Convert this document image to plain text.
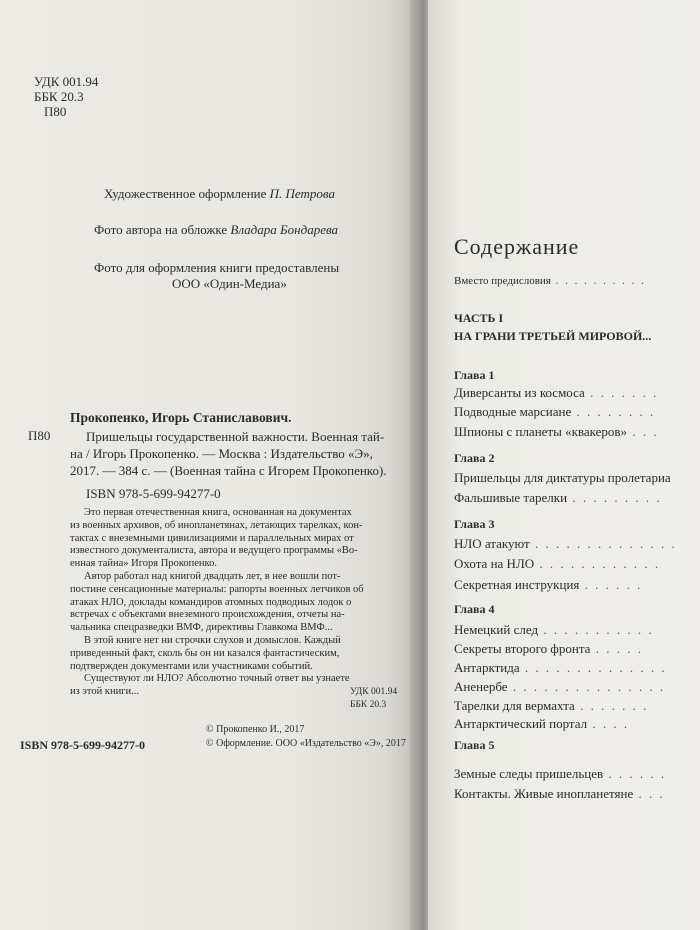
УДК 001.94
ББК 20.3
П80
Художественное оформление П. Петрова
Фото автора на обложке Владара Бондарева
Фото для оформления книги предоставлены
ООО «Один-Медиа»
Прокопенко, Игорь Станиславович.
П80	Пришельцы государственной важности. Военная тай-
на / Игорь Прокопенко. — Москва : Издательство «Э»,
2017. — 384 с. — (Военная тайна с Игорем Прокопенко).
ISBN 978-5-699-94277-0
Это первая отечественная книга, основанная на документах
из военных архивов, об инопланетянах, летающих тарелках, кон-
тактах с внеземными цивилизациями и параллельных мирах от
известного документалиста, автора и ведущего программы «Во-
енная тайна» Игоря Прокопенко.
Автор работал над книгой двадцать лет, в нее вошли пот-
постине сенсационные материалы: рапорты военных летчиков об
атаках НЛО, доклады командиров атомных подводных лодок о
встречах с объектами внеземного происхождения, отчеты на-
чальника спецразведки ВМФ, директивы Главкома ВМФ...
В этой книге нет ни строчки слухов и домыслов. Каждый
приведенный факт, сколь бы он ни казался фантастическим,
подтвержден документами или участниками событий.
Существуют ли НЛО? Абсолютно точный ответ вы узнаете
из этой книги...	УДК 001.94
ББК 20.3
© Прокопенко И., 2017
© Оформление. ООО «Издательство «Э», 2017
ISBN 978-5-699-94277-0
Содержание
Вместо предисловия . . . . . . . . . .
ЧАСТЬ I
НА ГРАНИ ТРЕТЬЕЙ МИРОВОЙ...
Глава 1
Диверсанты из космоса . . . . . . .
Подводные марсиане . . . . . . . .
Шпионы с планеты «квакеров» . . .
Глава 2
Пришельцы для диктатуры пролетариа
Фальшивые тарелки . . . . . . . . .
Глава 3
НЛО атакуют . . . . . . . . . . . . . .
Охота на НЛО . . . . . . . . . . . .
Секретная инструкция . . . . . .
Глава 4
Немецкий след . . . . . . . . . . .
Секреты второго фронта . . . . .
Антарктида . . . . . . . . . . . . . .
Аненербе . . . . . . . . . . . . . . .
Тарелки для вермахта . . . . . . .
Антарктический портал . . . .
Глава 5
Земные следы пришельцев . . . . . .
Контакты. Живые инопланетяне . . .
